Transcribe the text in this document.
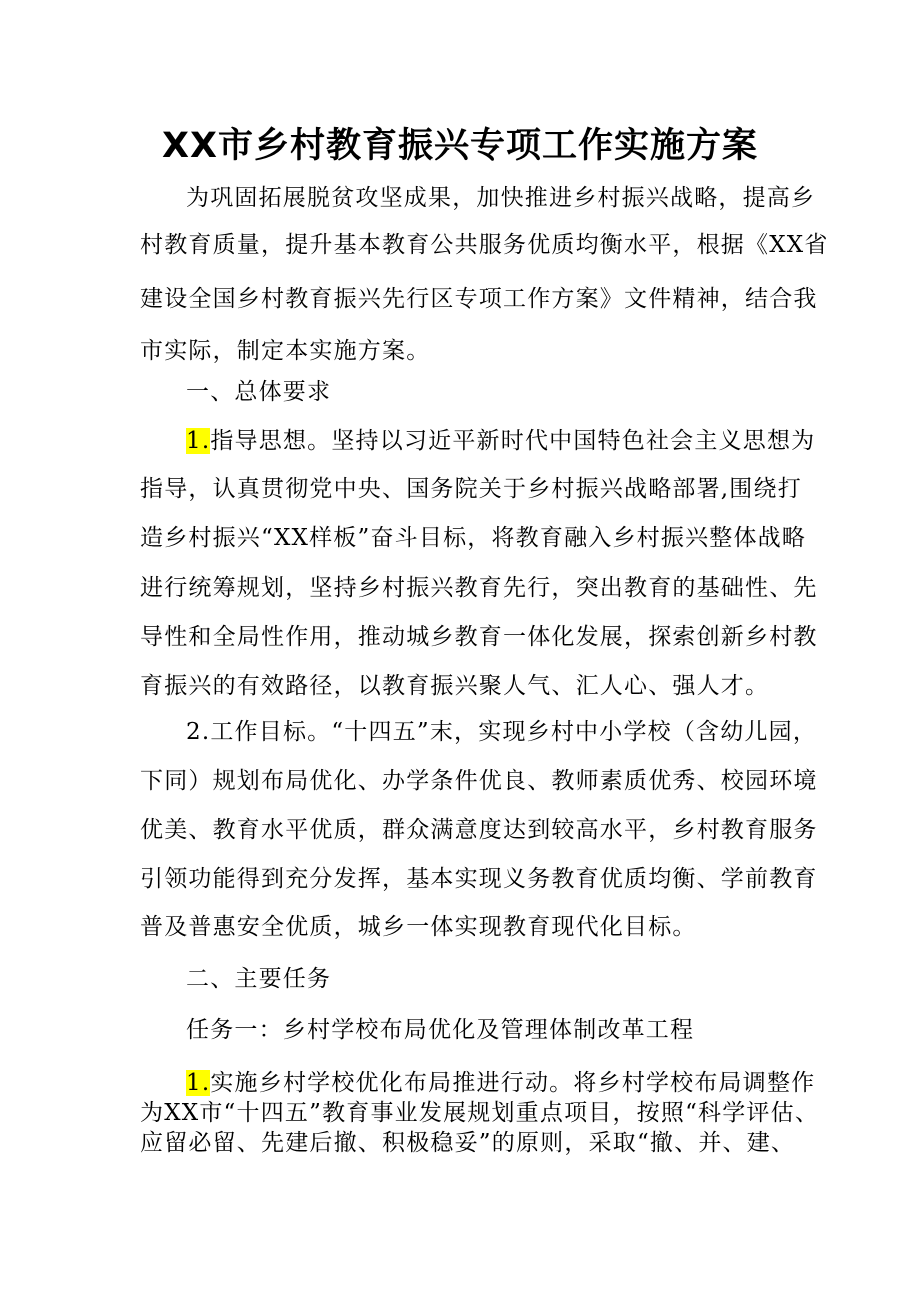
XX市乡村教育振兴专项工作实施方案
为巩固拓展脱贫攻坚成果，加快推进乡村振兴战略，提高乡
村教育质量，提升基本教育公共服务优质均衡水平，根据《XX省
建设全国乡村教育振兴先行区专项工作方案》文件精神，结合我
市实际，制定本实施方案。
一、总体要求
1.指导思想。坚持以习近平新时代中国特色社会主义思想为
指导，认真贯彻党中央、国务院关于乡村振兴战略部署,围绕打
造乡村振兴“XX样板”奋斗目标，将教育融入乡村振兴整体战略
进行统筹规划，坚持乡村振兴教育先行，突出教育的基础性、先
导性和全局性作用，推动城乡教育一体化发展，探索创新乡村教
育振兴的有效路径，以教育振兴聚人气、汇人心、强人才。
2.工作目标。“十四五”末，实现乡村中小学校（含幼儿园，
下同）规划布局优化、办学条件优良、教师素质优秀、校园环境
优美、教育水平优质，群众满意度达到较高水平，乡村教育服务
引领功能得到充分发挥，基本实现义务教育优质均衡、学前教育
普及普惠安全优质，城乡一体实现教育现代化目标。
二、主要任务
任务一：乡村学校布局优化及管理体制改革工程
1.实施乡村学校优化布局推进行动。将乡村学校布局调整作
为XX市“十四五”教育事业发展规划重点项目，按照“科学评估、
应留必留、先建后撤、积极稳妥”的原则，采取“撤、并、建、
